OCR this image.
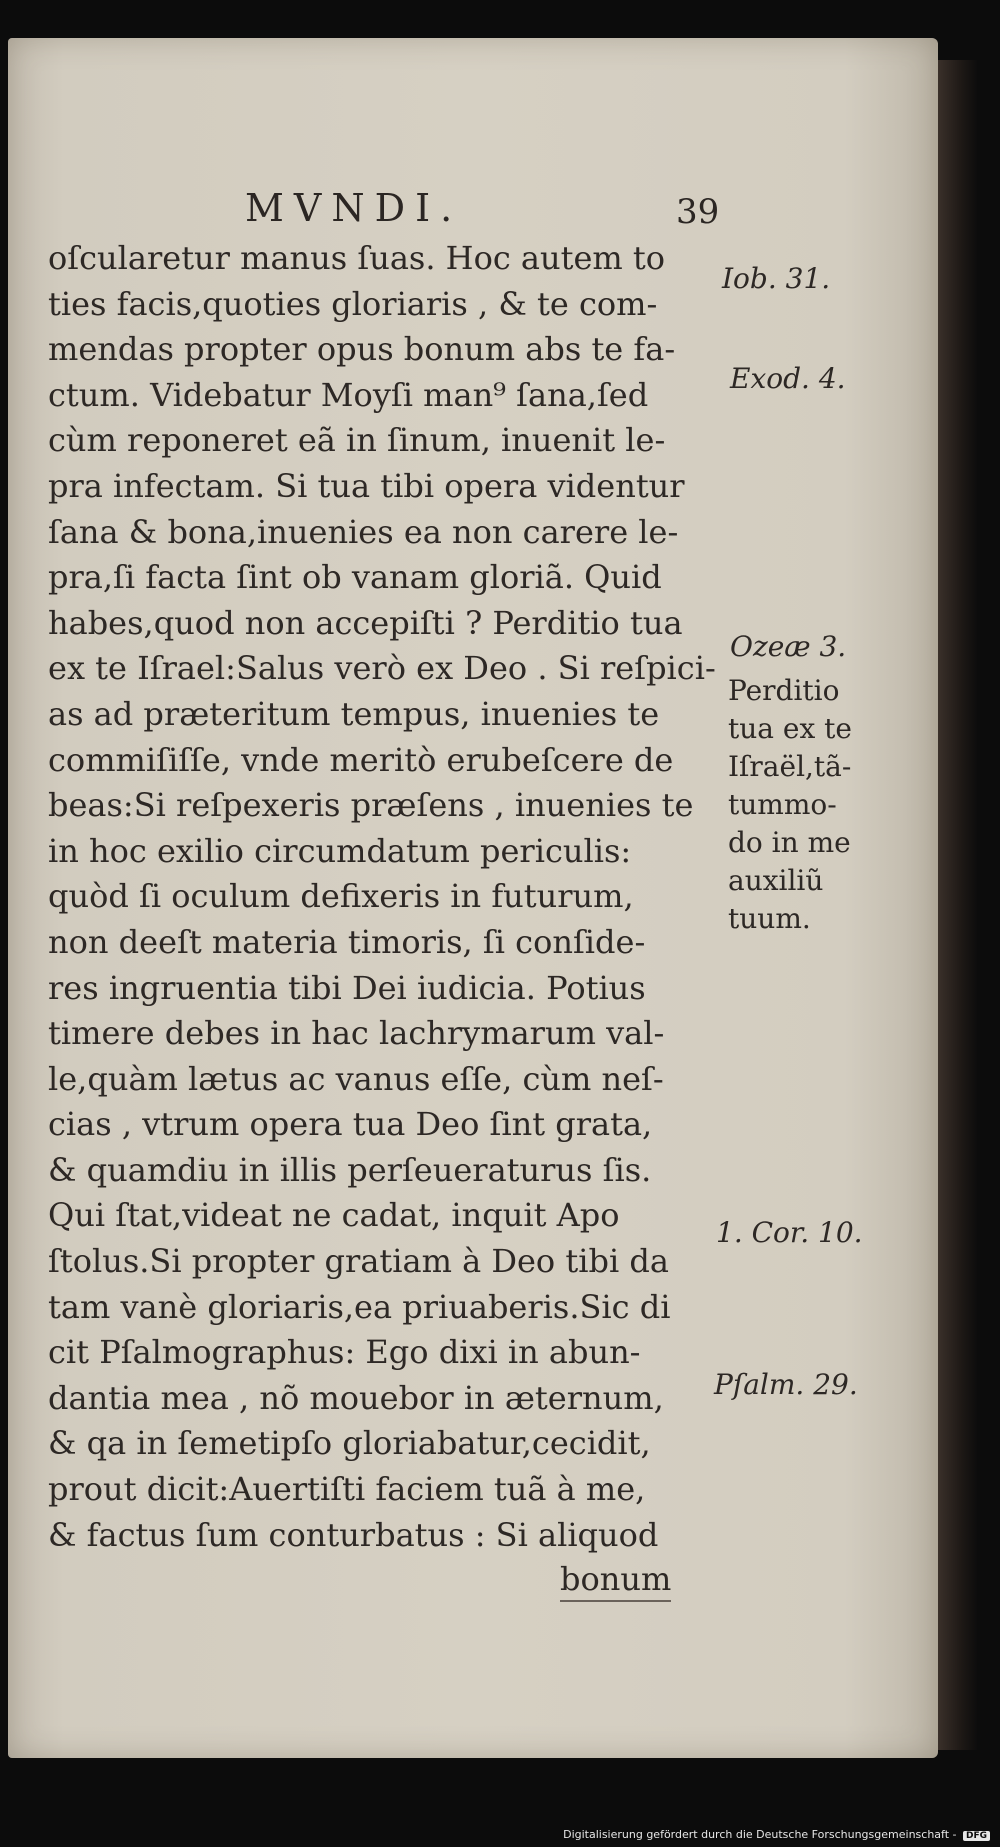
MVNDI.	39
oſcularetur manus ſuas. Hoc autem to
ties facis,quoties gloriaris , & te com-
mendas propter opus bonum abs te fa-
ctum. Videbatur Moyſi man⁹ ſana,ſed
cùm reponeret eã in ſinum, inuenit le-
pra infectam. Si tua tibi opera videntur
ſana & bona,inuenies ea non carere le-
pra,ſi facta ſint ob vanam gloriã. Quid
habes,quod non accepiſti ? Perditio tua
ex te Iſrael:Salus verò ex Deo . Si reſpici-
as ad præteritum tempus, inuenies te
commiſiſſe, vnde meritò erubeſcere de
beas:Si reſpexeris præſens , inuenies te
in hoc exilio circumdatum periculis:
quòd ſi oculum defixeris in futurum,
non deeſt materia timoris, ſi conſide-
res ingruentia tibi Dei iudicia. Potius
timere debes in hac lachrymarum val-
le,quàm lætus ac vanus eſſe, cùm neſ-
cias , vtrum opera tua Deo ſint grata,
& quamdiu in illis perſeueraturus ſis.
Qui ſtat,videat ne cadat, inquit Apo
ſtolus.Si propter gratiam à Deo tibi da
tam vanè gloriaris,ea priuaberis.Sic di
cit Pſalmographus: Ego dixi in abun-
dantia mea , nõ mouebor in æternum,
& qa in ſemetipſo gloriabatur,cecidit,
prout dicit:Auertiſti faciem tuã à me,
& factus ſum conturbatus : Si aliquod
bonum
Iob. 31.
Exod. 4.
Ozeæ 3.
Perditio
tua ex te
Iſraël,tã-
tummo-
do in me
auxiliũ
tuum.
1. Cor. 10.
Pſalm. 29.
Digitalisierung gefördert durch die Deutsche Forschungsgemeinschaft - DFG
